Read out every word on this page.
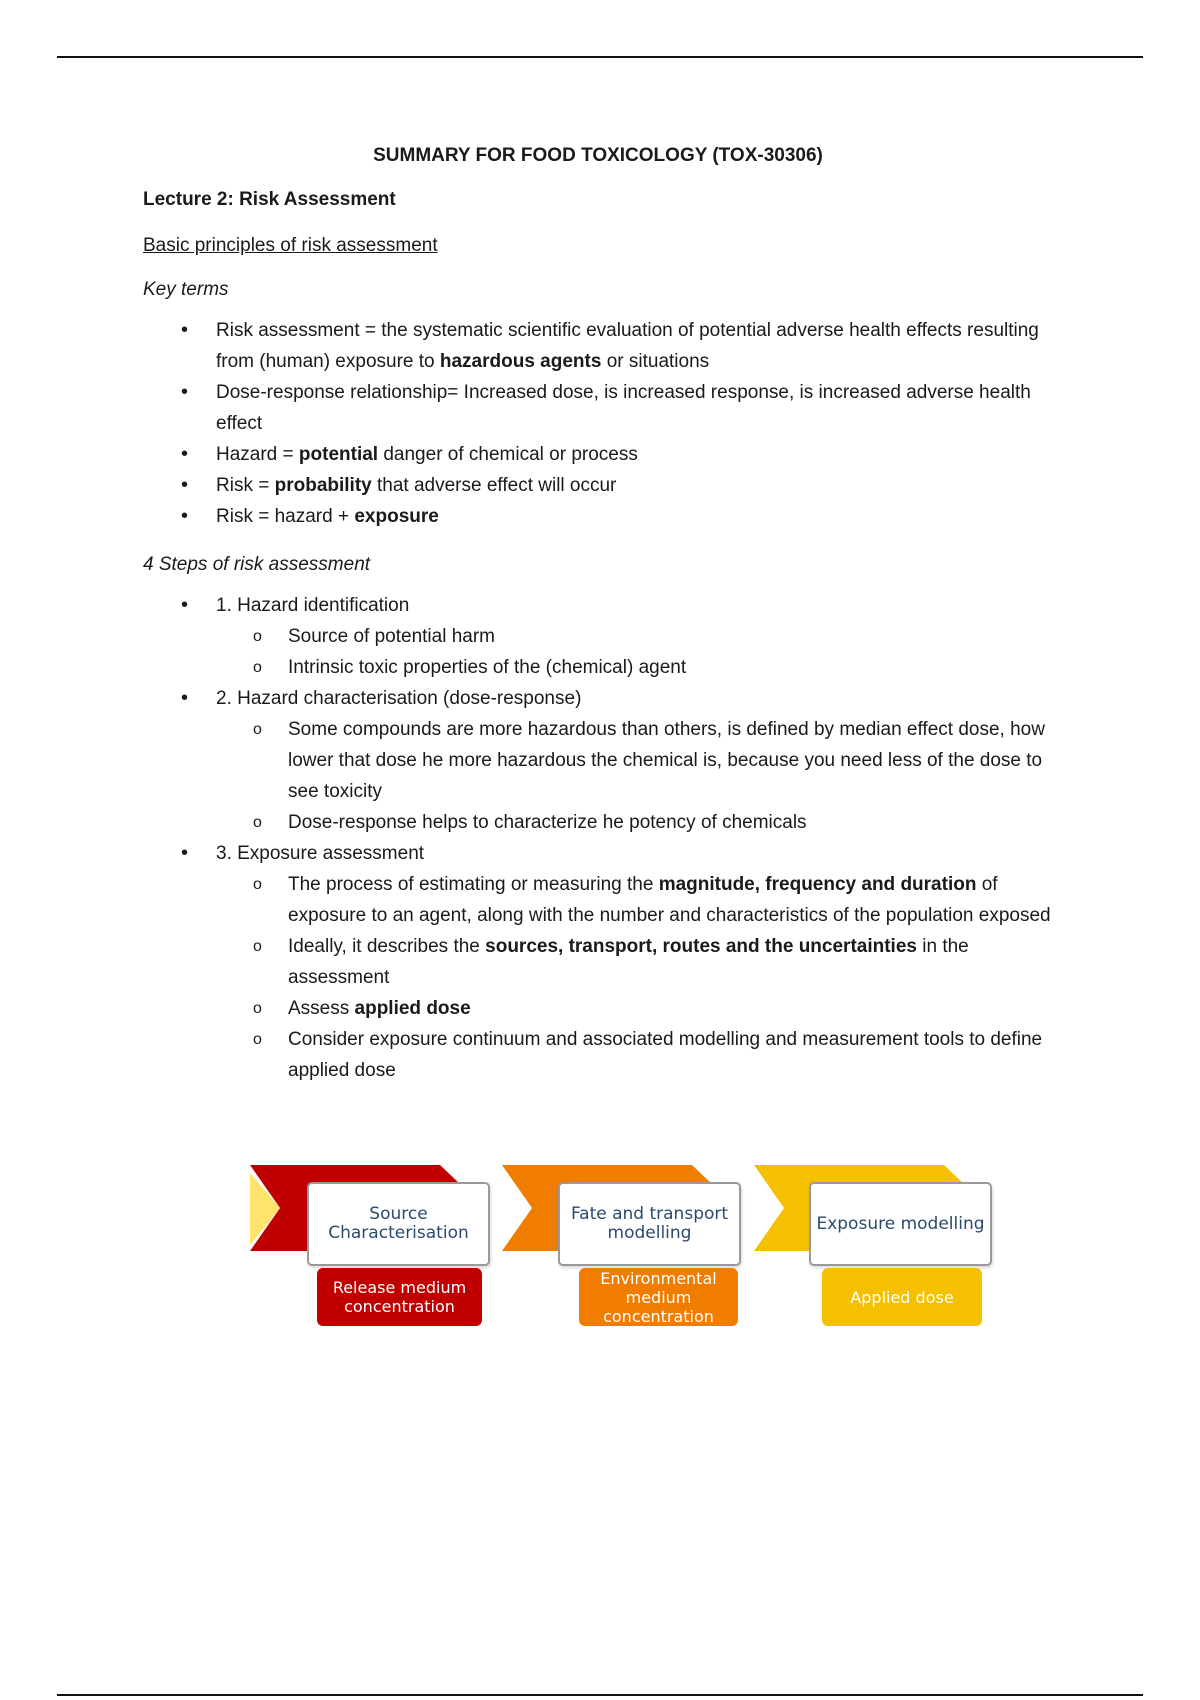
SUMMARY FOR FOOD TOXICOLOGY (TOX-30306)
Lecture 2: Risk Assessment
Basic principles of risk assessment
Key terms
• Risk assessment = the systematic scientific evaluation of potential adverse health effects resulting from (human) exposure to hazardous agents or situations
• Dose-response relationship= Increased dose, is increased response, is increased adverse health effect
• Hazard = potential danger of chemical or process
• Risk = probability that adverse effect will occur
• Risk = hazard + exposure
4 Steps of risk assessment
• 1. Hazard identification
o Source of potential harm
o Intrinsic toxic properties of the (chemical) agent
• 2. Hazard characterisation (dose-response)
o Some compounds are more hazardous than others, is defined by median effect dose, how lower that dose he more hazardous the chemical is, because you need less of the dose to see toxicity
o Dose-response helps to characterize he potency of chemicals
• 3. Exposure assessment
o The process of estimating or measuring the magnitude, frequency and duration of exposure to an agent, along with the number and characteristics of the population exposed
o Ideally, it describes the sources, transport, routes and the uncertainties in the assessment
o Assess applied dose
o Consider exposure continuum and associated modelling and measurement tools to define applied dose
Source Characterisation
Fate and transport modelling	Exposure modelling
Release medium concentration
Environmental medium concentration
Applied dose
